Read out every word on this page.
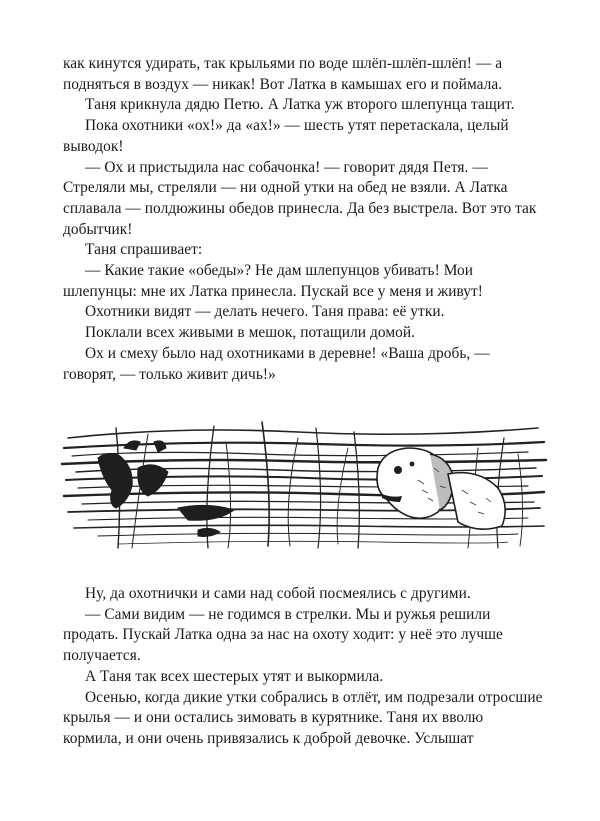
как кинутся удирать, так крыльями по воде шлёп-шлёп-шлёп! — а подняться в воздух — никак! Вот Латка в камышах его и поймала.

Таня крикнула дядю Петю. А Латка уж второго шлепунца тащит.

Пока охотники «ох!» да «ах!» — шесть утят перетаскала, целый выводок!

— Ох и пристыдила нас собачонка! — говорит дядя Петя. — Стреляли мы, стреляли — ни одной утки на обед не взяли. А Латка сплавала — полдюжины обедов принесла. Да без выстрела. Вот это так добытчик!

Таня спрашивает:

— Какие такие «обеды»? Не дам шлепунцов убивать! Мои шлепунцы: мне их Латка принесла. Пускай все у меня и живут!

Охотники видят — делать нечего. Таня права: её утки.

Поклали всех живыми в мешок, потащили домой.

Ох и смеху было над охотниками в деревне! «Ваша дробь, — говорят, — только живит дичь!»

Ну, да охотнички и сами над собой посмеялись с другими.

— Сами видим — не годимся в стрелки. Мы и ружья решили продать. Пускай Латка одна за нас на охоту ходит: у неё это лучше получается.

А Таня так всех шестерых утят и выкормила.

Осенью, когда дикие утки собрались в отлёт, им подрезали отросшие крылья — и они остались зимовать в курятнике. Таня их вволю кормила, и они очень привязались к доброй девочке. Услышат
